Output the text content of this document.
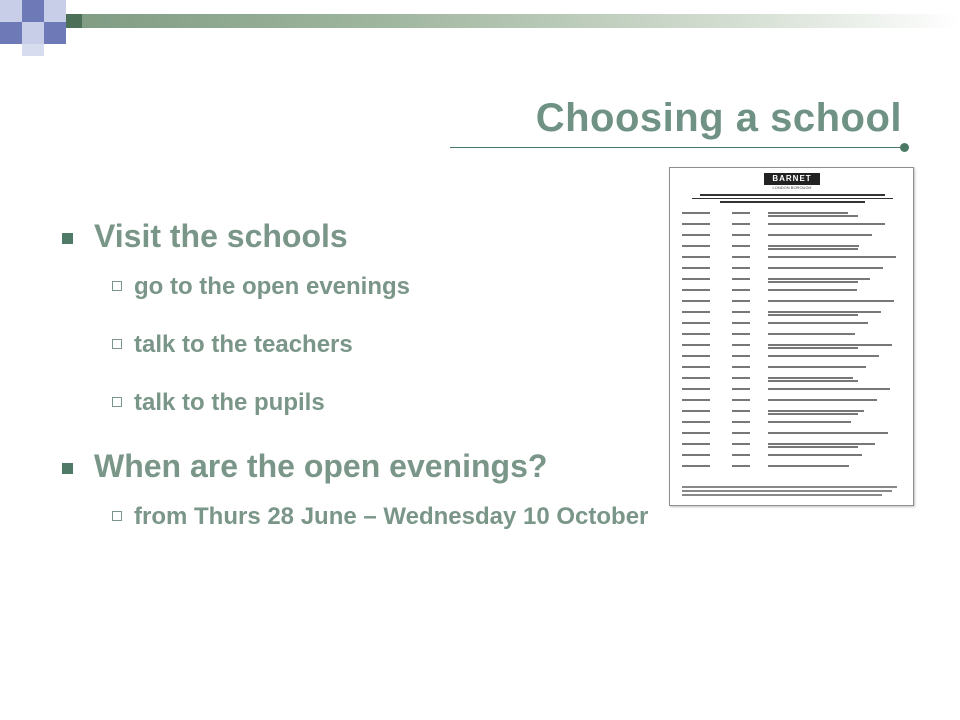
Choosing a school
Visit the schools
go to the open evenings
talk to the teachers
talk to the pupils
When are the open evenings?
from Thurs 28 June – Wednesday 10 October
BARNET
LONDON BOROUGH
